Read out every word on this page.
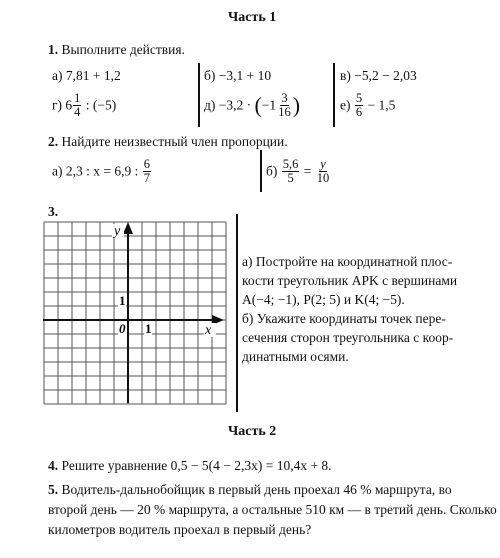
Часть 1
1. Выполните действия.
а) 7,81 + 1,2	б) −3,1 + 10	в) −5,2 − 2,03
г) $6 \frac{1}{4}$ : (−5)	$д) -3,2 \cdot (-1 \frac{3}{16}$ )	$е) \frac{5}{6} - 1,5$
2. Найдите неизвестный член пропорции.
а) 2,3 : x = 6,9 : $\frac{6}{7}$	$б) \frac{5,6}{5} = \frac{y}{10}$
3.
y
x
0 1
1
а) Постройте на координатной плос-
кости треугольник APK с вершинами
A(−4; −1), P(2; 5) и K(4; −5).
б) Укажите координаты точек пере-
сечения сторон треугольника с коор-
динатными осями.
Часть 2
4. Решите уравнение 0,5 − 5(4 − 2,3x) = 10,4x + 8.
5. Водитель-дальнобойщик в первый день проехал 46 % маршрута, во
второй день — 20 % маршрута, а остальные 510 км — в третий день. Сколько
километров водитель проехал в первый день?
